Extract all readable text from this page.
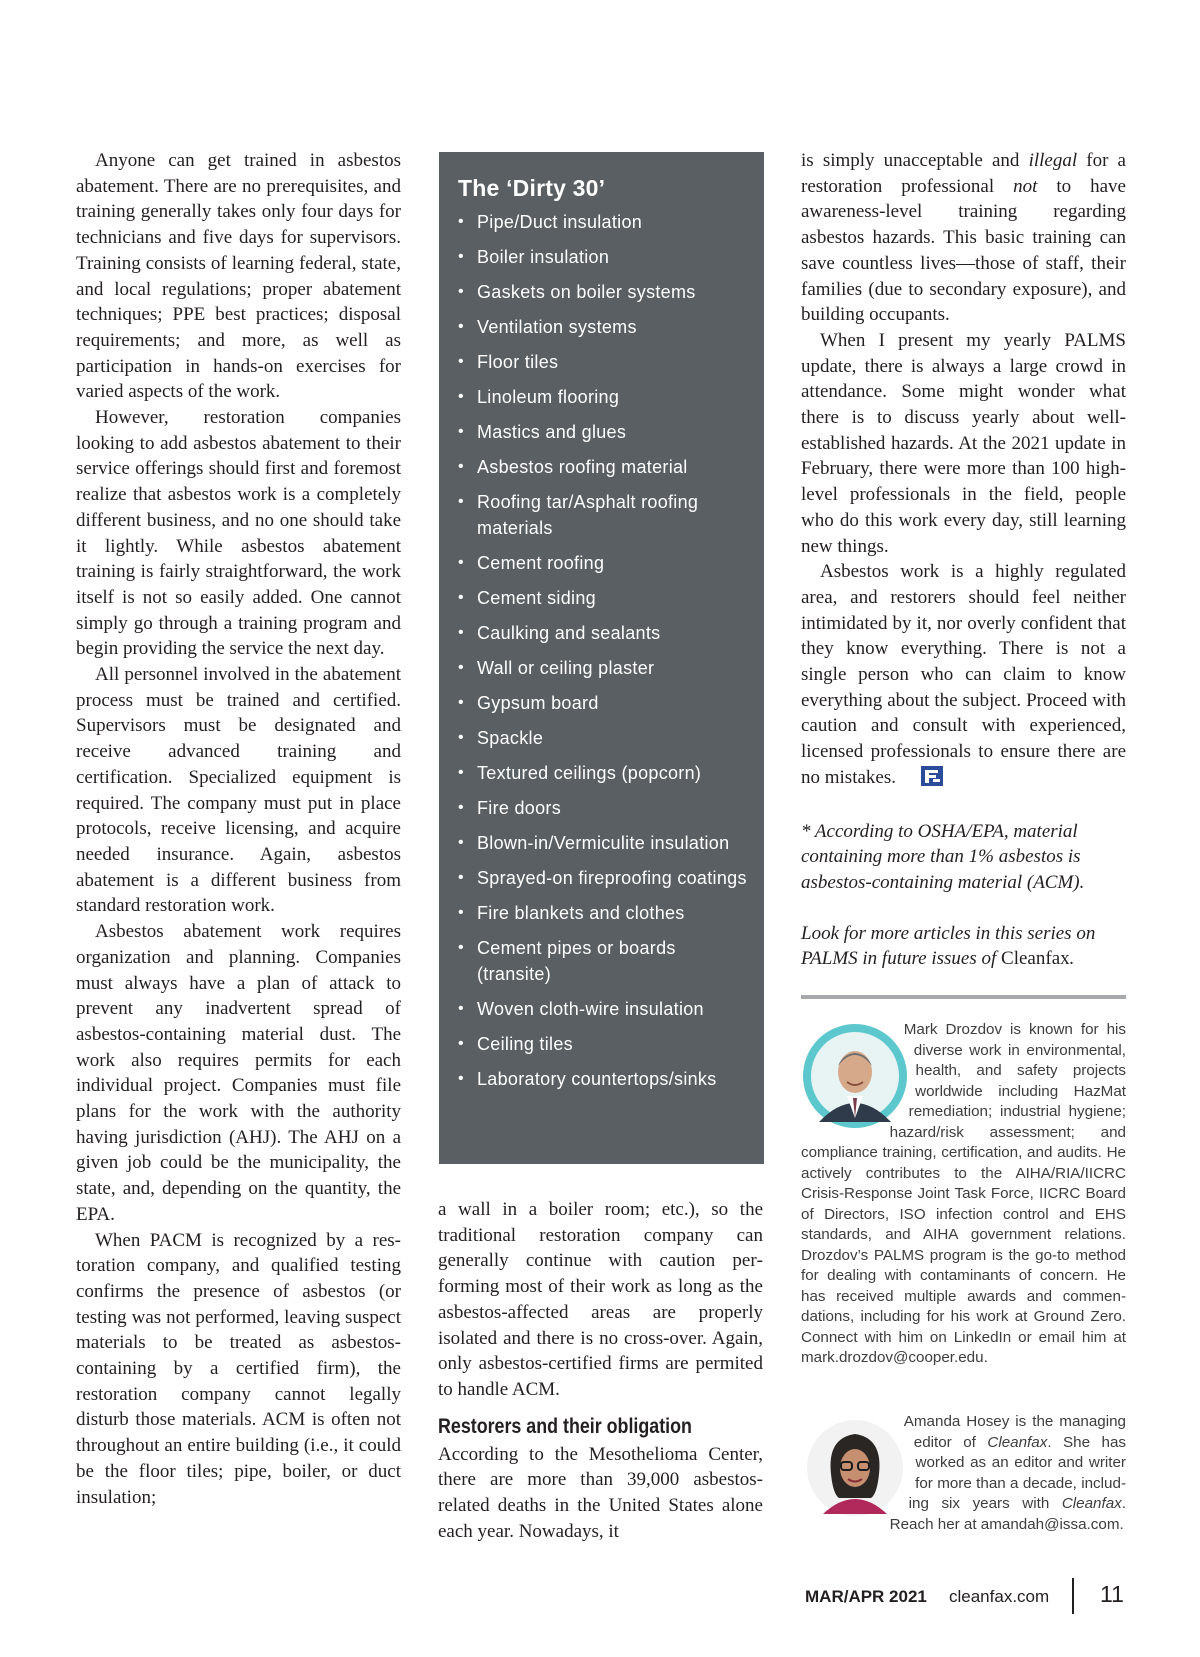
Anyone can get trained in asbestos abatement. There are no prerequisites, and training generally takes only four days for technicians and five days for supervisors. Training consists of learning federal, state, and local regulations; proper abatement techniques; PPE best practices; disposal requirements; and more, as well as participation in hands-on exercises for varied aspects of the work.

However, restoration companies looking to add asbestos abatement to their service offerings should first and foremost realize that asbestos work is a completely different business, and no one should take it lightly. While asbestos abatement training is fairly straightforward, the work itself is not so easily added. One cannot simply go through a training program and begin providing the service the next day.

All personnel involved in the abatement process must be trained and certified. Supervisors must be designated and receive advanced training and certification. Specialized equipment is required. The company must put in place protocols, receive licensing, and acquire needed insurance. Again, asbestos abatement is a different business from standard restoration work.

Asbestos abatement work requires organization and planning. Companies must always have a plan of attack to prevent any inadvertent spread of asbestos-containing material dust. The work also requires permits for each individual project. Companies must file plans for the work with the authority having jurisdiction (AHJ). The AHJ on a given job could be the municipality, the state, and, depending on the quantity, the EPA.

When PACM is recognized by a restoration company, and qualified testing confirms the presence of asbestos (or testing was not performed, leaving suspect materials to be treated as asbestos-containing by a certified firm), the restoration company cannot legally disturb those materials. ACM is often not throughout an entire building (i.e., it could be the floor tiles; pipe, boiler, or duct insulation;

The ‘Dirty 30’
• Pipe/Duct insulation
• Boiler insulation
• Gaskets on boiler systems
• Ventilation systems
• Floor tiles
• Linoleum flooring
• Mastics and glues
• Asbestos roofing material
• Roofing tar/Asphalt roofing materials
• Cement roofing
• Cement siding
• Caulking and sealants
• Wall or ceiling plaster
• Gypsum board
• Spackle
• Textured ceilings (popcorn)
• Fire doors
• Blown-in/Vermiculite insulation
• Sprayed-on fireproofing coatings
• Fire blankets and clothes
• Cement pipes or boards (transite)
• Woven cloth-wire insulation
• Ceiling tiles
• Laboratory countertops/sinks

a wall in a boiler room; etc.), so the traditional restoration company can generally continue with caution performing most of their work as long as the asbestos-affected areas are properly isolated and there is no cross-over. Again, only asbestos-certified firms are permited to handle ACM.

Restorers and their obligation

According to the Mesothelioma Center, there are more than 39,000 asbestos-related deaths in the United States alone each year. Nowadays, it

is simply unacceptable and illegal for a restoration professional not to have awareness-level training regarding asbestos hazards. This basic training can save countless lives—those of staff, their families (due to secondary exposure), and building occupants.

When I present my yearly PALMS update, there is always a large crowd in attendance. Some might wonder what there is to discuss yearly about well-established hazards. At the 2021 update in February, there were more than 100 high-level professionals in the field, people who do this work every day, still learning new things.

Asbestos work is a highly regulated area, and restorers should feel neither intimidated by it, nor overly confident that they know everything. There is not a single person who can claim to know everything about the subject. Proceed with caution and consult with experienced, licensed professionals to ensure there are no mistakes.

* According to OSHA/EPA, material containing more than 1% asbestos is asbestos-containing material (ACM).

Look for more articles in this series on PALMS in future issues of Cleanfax.

Mark Drozdov is known for his diverse work in environmental, health, and safety projects worldwide including HazMat remediation; industrial hygiene; hazard/risk assessment; and compliance training, certification, and audits. He actively contributes to the AIHA/RIA/IICRC Crisis-Response Joint Task Force, IICRC Board of Directors, ISO infection control and EHS standards, and AIHA government relations. Drozdov’s PALMS program is the go-to method for dealing with contaminants of concern. He has received multiple awards and commendations, including for his work at Ground Zero. Connect with him on LinkedIn or email him at mark.drozdov@cooper.edu.
Amanda Hosey is the managing editor of Cleanfax. She has worked as an editor and writer for more than a decade, including six years with Cleanfax. Reach her at amandah@issa.com.
MAR/APR 2021 cleanfax.com 11
